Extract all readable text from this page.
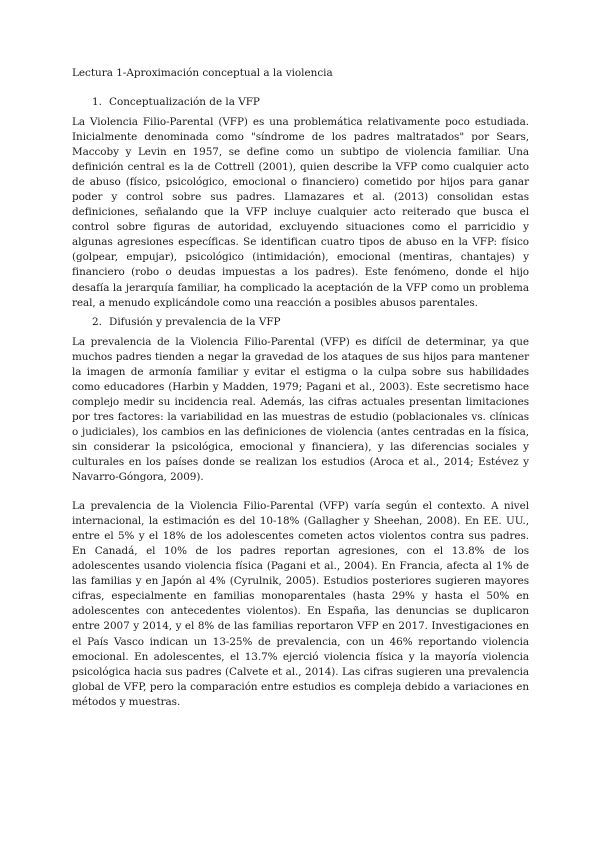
Lectura 1-Aproximación conceptual a la violencia
1. Conceptualización de la VFP

La Violencia Filio-Parental (VFP) es una problemática relativamente poco estudiada. Inicialmente denominada como "síndrome de los padres maltratados" por Sears, Maccoby y Levin en 1957, se define como un subtipo de violencia familiar. Una definición central es la de Cottrell (2001), quien describe la VFP como cualquier acto de abuso (físico, psicológico, emocional o financiero) cometido por hijos para ganar poder y control sobre sus padres. Llamazares et al. (2013) consolidan estas definiciones, señalando que la VFP incluye cualquier acto reiterado que busca el control sobre figuras de autoridad, excluyendo situaciones como el parricidio y algunas agresiones específicas. Se identifican cuatro tipos de abuso en la VFP: físico (golpear, empujar), psicológico (intimidación), emocional (mentiras, chantajes) y financiero (robo o deudas impuestas a los padres). Este fenómeno, donde el hijo desafía la jerarquía familiar, ha complicado la aceptación de la VFP como un problema real, a menudo explicándole como una reacción a posibles abusos parentales.

2. Difusión y prevalencia de la VFP

La prevalencia de la Violencia Filio-Parental (VFP) es difícil de determinar, ya que muchos padres tienden a negar la gravedad de los ataques de sus hijos para mantener la imagen de armonía familiar y evitar el estigma o la culpa sobre sus habilidades como educadores (Harbin y Madden, 1979; Pagani et al., 2003). Este secretismo hace complejo medir su incidencia real. Además, las cifras actuales presentan limitaciones por tres factores: la variabilidad en las muestras de estudio (poblacionales vs. clínicas o judiciales), los cambios en las definiciones de violencia (antes centradas en la física, sin considerar la psicológica, emocional y financiera), y las diferencias sociales y culturales en los países donde se realizan los estudios (Aroca et al., 2014; Estévez y Navarro-Góngora, 2009).

La prevalencia de la Violencia Filio-Parental (VFP) varía según el contexto. A nivel internacional, la estimación es del 10-18% (Gallagher y Sheehan, 2008). En EE. UU., entre el 5% y el 18% de los adolescentes cometen actos violentos contra sus padres. En Canadá, el 10% de los padres reportan agresiones, con el 13.8% de los adolescentes usando violencia física (Pagani et al., 2004). En Francia, afecta al 1% de las familias y en Japón al 4% (Cyrulnik, 2005). Estudios posteriores sugieren mayores cifras, especialmente en familias monoparentales (hasta 29% y hasta el 50% en adolescentes con antecedentes violentos). En España, las denuncias se duplicaron entre 2007 y 2014, y el 8% de las familias reportaron VFP en 2017. Investigaciones en el País Vasco indican un 13-25% de prevalencia, con un 46% reportando violencia emocional. En adolescentes, el 13.7% ejerció violencia física y la mayoría violencia psicológica hacia sus padres (Calvete et al., 2014). Las cifras sugieren una prevalencia global de VFP, pero la comparación entre estudios es compleja debido a variaciones en métodos y muestras.
